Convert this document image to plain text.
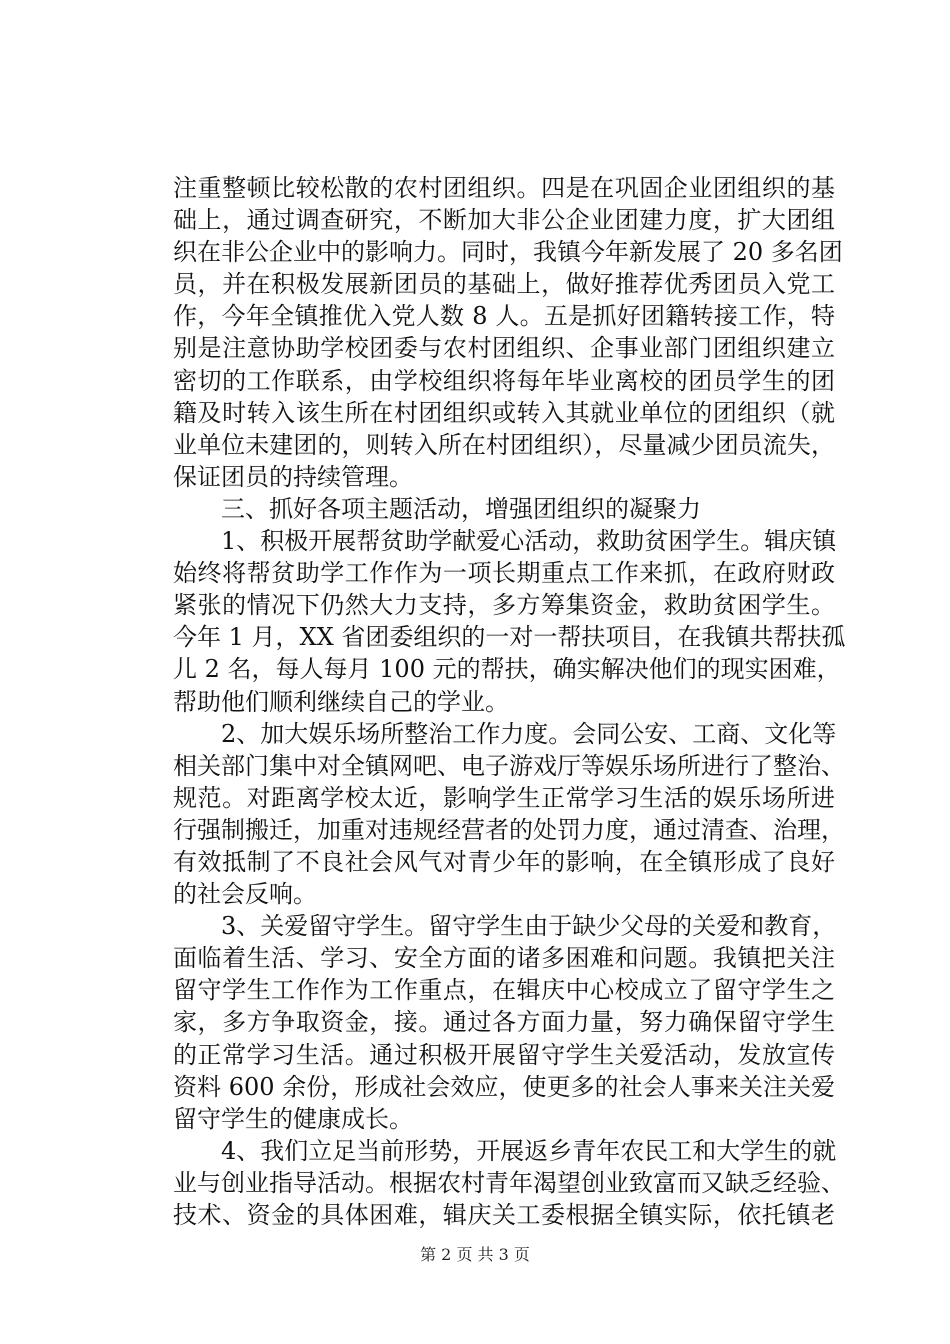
注重整顿比较松散的农村团组织。四是在巩固企业团组织的基
础上，通过调查研究，不断加大非公企业团建力度，扩大团组
织在非公企业中的影响力。同时，我镇今年新发展了 20 多名团
员，并在积极发展新团员的基础上，做好推荐优秀团员入党工
作，今年全镇推优入党人数 8 人。五是抓好团籍转接工作，特
别是注意协助学校团委与农村团组织、企事业部门团组织建立
密切的工作联系，由学校组织将每年毕业离校的团员学生的团
籍及时转入该生所在村团组织或转入其就业单位的团组织（就
业单位未建团的，则转入所在村团组织），尽量减少团员流失，
保证团员的持续管理。
三、抓好各项主题活动，增强团组织的凝聚力
1、积极开展帮贫助学献爱心活动，救助贫困学生。辑庆镇
始终将帮贫助学工作作为一项长期重点工作来抓，在政府财政
紧张的情况下仍然大力支持，多方筹集资金，救助贫困学生。
今年 1 月，XX 省团委组织的一对一帮扶项目，在我镇共帮扶孤
儿 2 名，每人每月 100 元的帮扶，确实解决他们的现实困难，
帮助他们顺利继续自己的学业。
2、加大娱乐场所整治工作力度。会同公安、工商、文化等
相关部门集中对全镇网吧、电子游戏厅等娱乐场所进行了整治、
规范。对距离学校太近，影响学生正常学习生活的娱乐场所进
行强制搬迁，加重对违规经营者的处罚力度，通过清查、治理，
有效抵制了不良社会风气对青少年的影响，在全镇形成了良好
的社会反响。
3、关爱留守学生。留守学生由于缺少父母的关爱和教育，
面临着生活、学习、安全方面的诸多困难和问题。我镇把关注
留守学生工作作为工作重点，在辑庆中心校成立了留守学生之
家，多方争取资金，接。通过各方面力量，努力确保留守学生
的正常学习生活。通过积极开展留守学生关爱活动，发放宣传
资料 600 余份，形成社会效应，使更多的社会人事来关注关爱
留守学生的健康成长。
4、我们立足当前形势，开展返乡青年农民工和大学生的就
业与创业指导活动。根据农村青年渴望创业致富而又缺乏经验、
技术、资金的具体困难，辑庆关工委根据全镇实际，依托镇老
第 2 页 共 3 页
